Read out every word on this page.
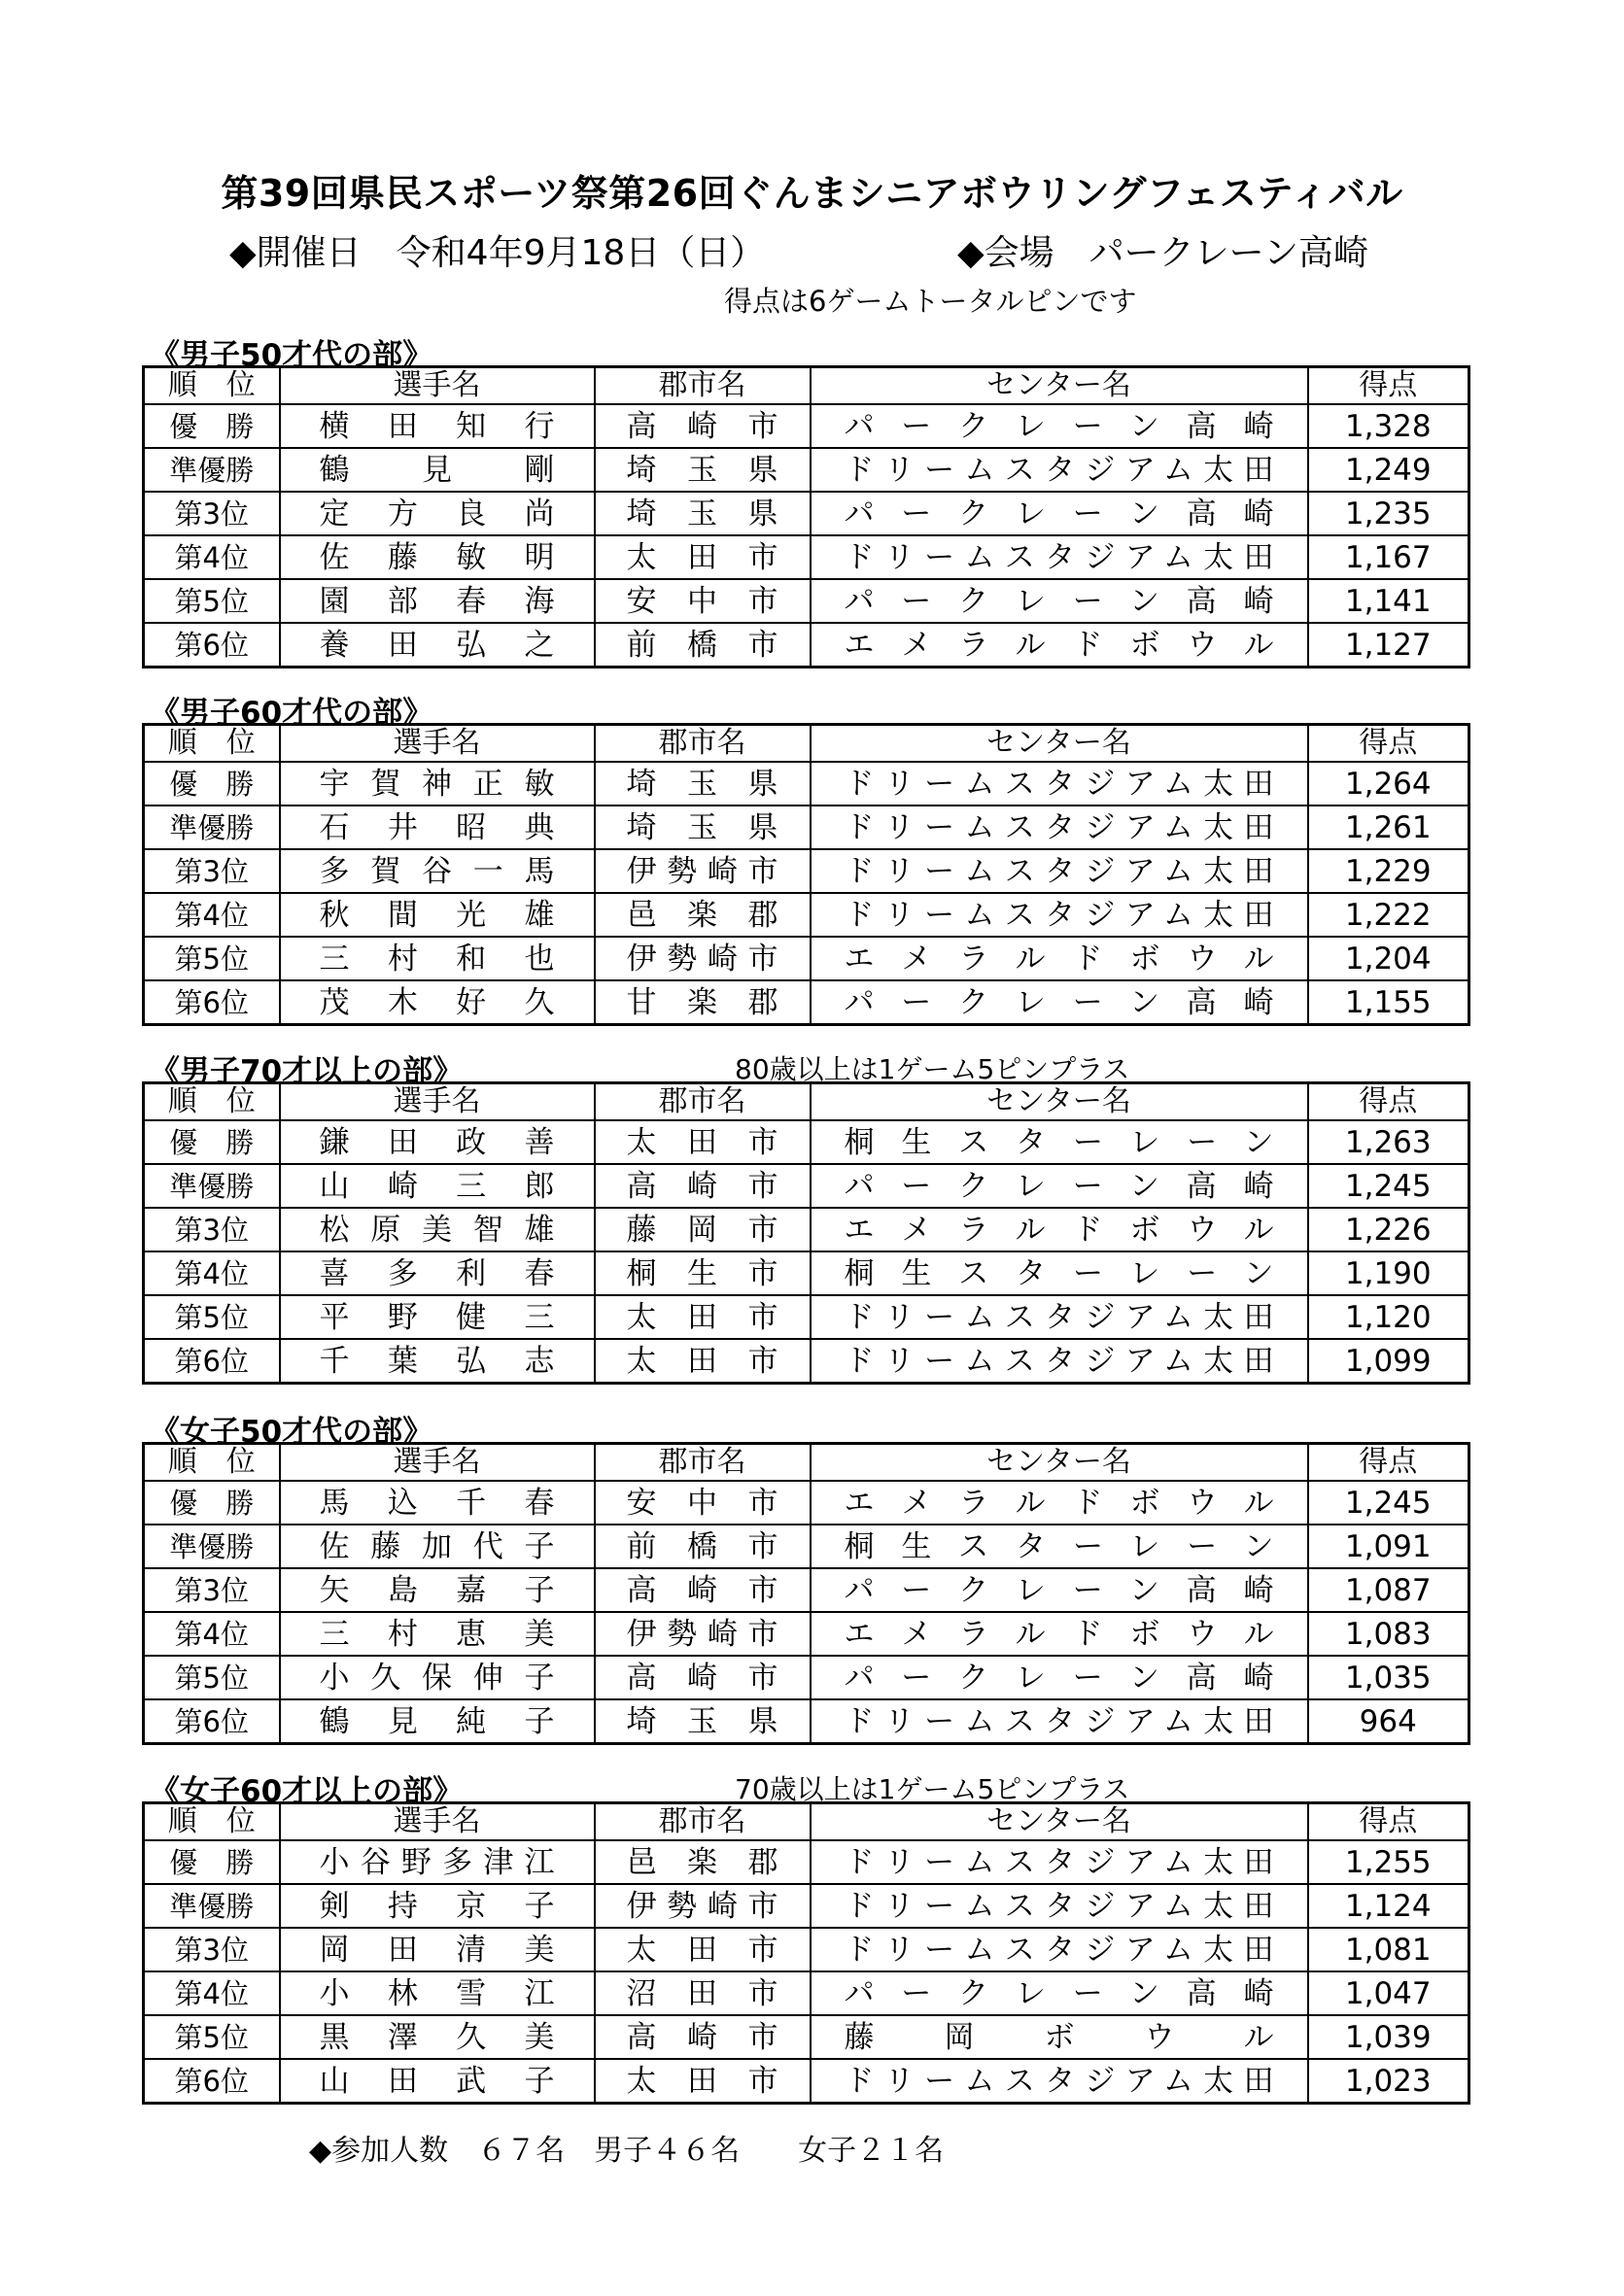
第39回県民スポーツ祭第26回ぐんまシニアボウリングフェスティバル
◆開催日　令和4年9月18日（日）	◆会場　パークレーン高崎
得点は6ゲームトータルピンです
《男子50才代の部》
順　位	選手名	郡市名	センター名	得点
優　勝	横田知行	高崎市	パークレーン高崎	1,328
準優勝	鶴見剛	埼玉県	ドリームスタジアム太田	1,249
第3位	定方良尚	埼玉県	パークレーン高崎	1,235
第4位	佐藤敏明	太田市	ドリームスタジアム太田	1,167
第5位	園部春海	安中市	パークレーン高崎	1,141
第6位	養田弘之	前橋市	エメラルドボウル	1,127
《男子60才代の部》
順　位	選手名	郡市名	センター名	得点
優　勝	宇賀神正敏	埼玉県	ドリームスタジアム太田	1,264
準優勝	石井昭典	埼玉県	ドリームスタジアム太田	1,261
第3位	多賀谷一馬	伊勢崎市	ドリームスタジアム太田	1,229
第4位	秋間光雄	邑楽郡	ドリームスタジアム太田	1,222
第5位	三村和也	伊勢崎市	エメラルドボウル	1,204
第6位	茂木好久	甘楽郡	パークレーン高崎	1,155
《男子70才以上の部》	80歳以上は1ゲーム5ピンプラス
順　位	選手名	郡市名	センター名	得点
優　勝	鎌田政善	太田市	桐生スターレーン	1,263
準優勝	山崎三郎	高崎市	パークレーン高崎	1,245
第3位	松原美智雄	藤岡市	エメラルドボウル	1,226
第4位	喜多利春	桐生市	桐生スターレーン	1,190
第5位	平野健三	太田市	ドリームスタジアム太田	1,120
第6位	千葉弘志	太田市	ドリームスタジアム太田	1,099
《女子50才代の部》
順　位	選手名	郡市名	センター名	得点
優　勝	馬込千春	安中市	エメラルドボウル	1,245
準優勝	佐藤加代子	前橋市	桐生スターレーン	1,091
第3位	矢島嘉子	高崎市	パークレーン高崎	1,087
第4位	三村恵美	伊勢崎市	エメラルドボウル	1,083
第5位	小久保伸子	高崎市	パークレーン高崎	1,035
第6位	鶴見純子	埼玉県	ドリームスタジアム太田	964
《女子60才以上の部》	70歳以上は1ゲーム5ピンプラス
順　位	選手名	郡市名	センター名	得点
優　勝	小谷野多津江	邑楽郡	ドリームスタジアム太田	1,255
準優勝	剣持京子	伊勢崎市	ドリームスタジアム太田	1,124
第3位	岡田清美	太田市	ドリームスタジアム太田	1,081
第4位	小林雪江	沼田市	パークレーン高崎	1,047
第5位	黒澤久美	高崎市	藤岡ボウル	1,039
第6位	山田武子	太田市	ドリームスタジアム太田	1,023
◆参加人数　６７名　男子４６名　　女子２１名
